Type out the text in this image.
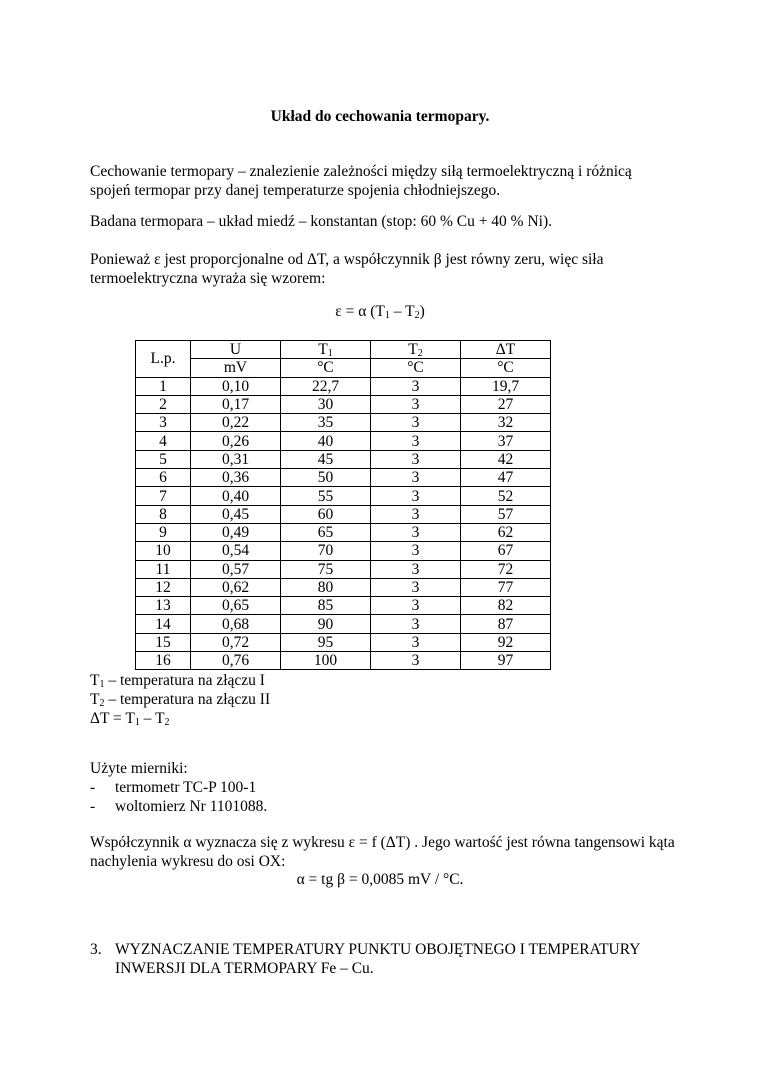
Układ do cechowania termopary.
Cechowanie termopary – znalezienie zależności między siłą termoelektryczną i różnicą
spojeń termopar przy danej temperaturze spojenia chłodniejszego.
Badana termopara – układ miedź – konstantan (stop: 60 % Cu + 40 % Ni).
Ponieważ ε jest proporcjonalne od ΔT, a współczynnik β jest równy zeru, więc siła
termoelektryczna wyraża się wzorem:
ε = α $(T_1 - T_2)$
L.p.	U	$T_1$	$T_2$	ΔT
	mV	°C	°C	°C
1	0,10	22,7	3	19,7
2	0,17	30	3	27
3	0,22	35	3	32
4	0,26	40	3	37
5	0,31	45	3	42
6	0,36	50	3	47
7	0,40	55	3	52
8	0,45	60	3	57
9	0,49	65	3	62
10	0,54	70	3	67
11	0,57	75	3	72
12	0,62	80	3	77
13	0,65	85	3	82
14	0,68	90	3	87
15	0,72	95	3	92
16	0,76	100	3	97
$T_1$ – temperatura na złączu I
$T_2$ – temperatura na złączu II
$\Delta T = T_1 - T_2$
Użyte mierniki:
-	termometr TC-P 100-1
-	woltomierz Nr 1101088.
Współczynnik α wyznacza się z wykresu ε = f (ΔT) . Jego wartość jest równa tangensowi kąta
nachylenia wykresu do osi OX:
α = tg β = 0,0085 mV / °C.
3. WYZNACZANIE TEMPERATURY PUNKTU OBOJĘTNEGO I TEMPERATURY
INWERSJI DLA TERMOPARY Fe – Cu.
